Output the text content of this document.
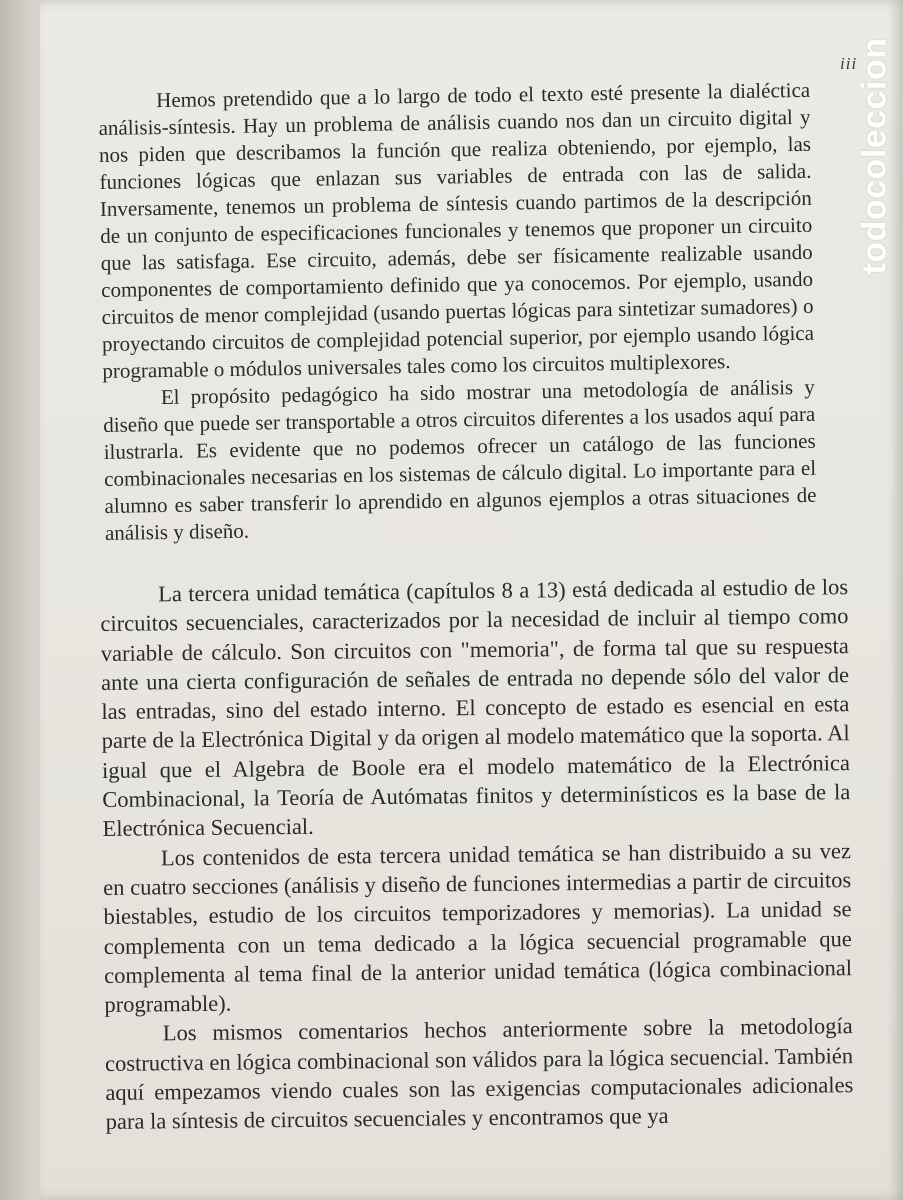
iii

Hemos pretendido que a lo largo de todo el texto esté presente la dialéctica análisis-síntesis. Hay un problema de análisis cuando nos dan un circuito digital y nos piden que describamos la función que realiza obteniendo, por ejemplo, las funciones lógicas que enlazan sus variables de entrada con las de salida. Inversamente, tenemos un problema de síntesis cuando partimos de la descripción de un conjunto de especificaciones funcionales y tenemos que proponer un circuito que las satisfaga. Ese circuito, además, debe ser físicamente realizable usando componentes de comportamiento definido que ya conocemos. Por ejemplo, usando circuitos de menor complejidad (usando puertas lógicas para sintetizar sumadores) o proyectando circuitos de complejidad potencial superior, por ejemplo usando lógica programable o módulos universales tales como los circuitos multiplexores.

El propósito pedagógico ha sido mostrar una metodología de análisis y diseño que puede ser transportable a otros circuitos diferentes a los usados aquí para ilustrarla. Es evidente que no podemos ofrecer un catálogo de las funciones combinacionales necesarias en los sistemas de cálculo digital. Lo importante para el alumno es saber transferir lo aprendido en algunos ejemplos a otras situaciones de análisis y diseño.

La tercera unidad temática (capítulos 8 a 13) está dedicada al estudio de los circuitos secuenciales, caracterizados por la necesidad de incluir al tiempo como variable de cálculo. Son circuitos con "memoria", de forma tal que su respuesta ante una cierta configuración de señales de entrada no depende sólo del valor de las entradas, sino del estado interno. El concepto de estado es esencial en esta parte de la Electrónica Digital y da origen al modelo matemático que la soporta. Al igual que el Algebra de Boole era el modelo matemático de la Electrónica Combinacional, la Teoría de Autómatas finitos y determinísticos es la base de la Electrónica Secuencial.

Los contenidos de esta tercera unidad temática se han distribuido a su vez en cuatro secciones (análisis y diseño de funciones intermedias a partir de circuitos biestables, estudio de los circuitos temporizadores y memorias). La unidad se complementa con un tema dedicado a la lógica secuencial programable que complementa al tema final de la anterior unidad temática (lógica combinacional programable).

Los mismos comentarios hechos anteriormente sobre la metodología costructiva en lógica combinacional son válidos para la lógica secuencial. También aquí empezamos viendo cuales son las exigencias computacionales adicionales para la síntesis de circuitos secuenciales y encontramos que ya

todocoleccion
